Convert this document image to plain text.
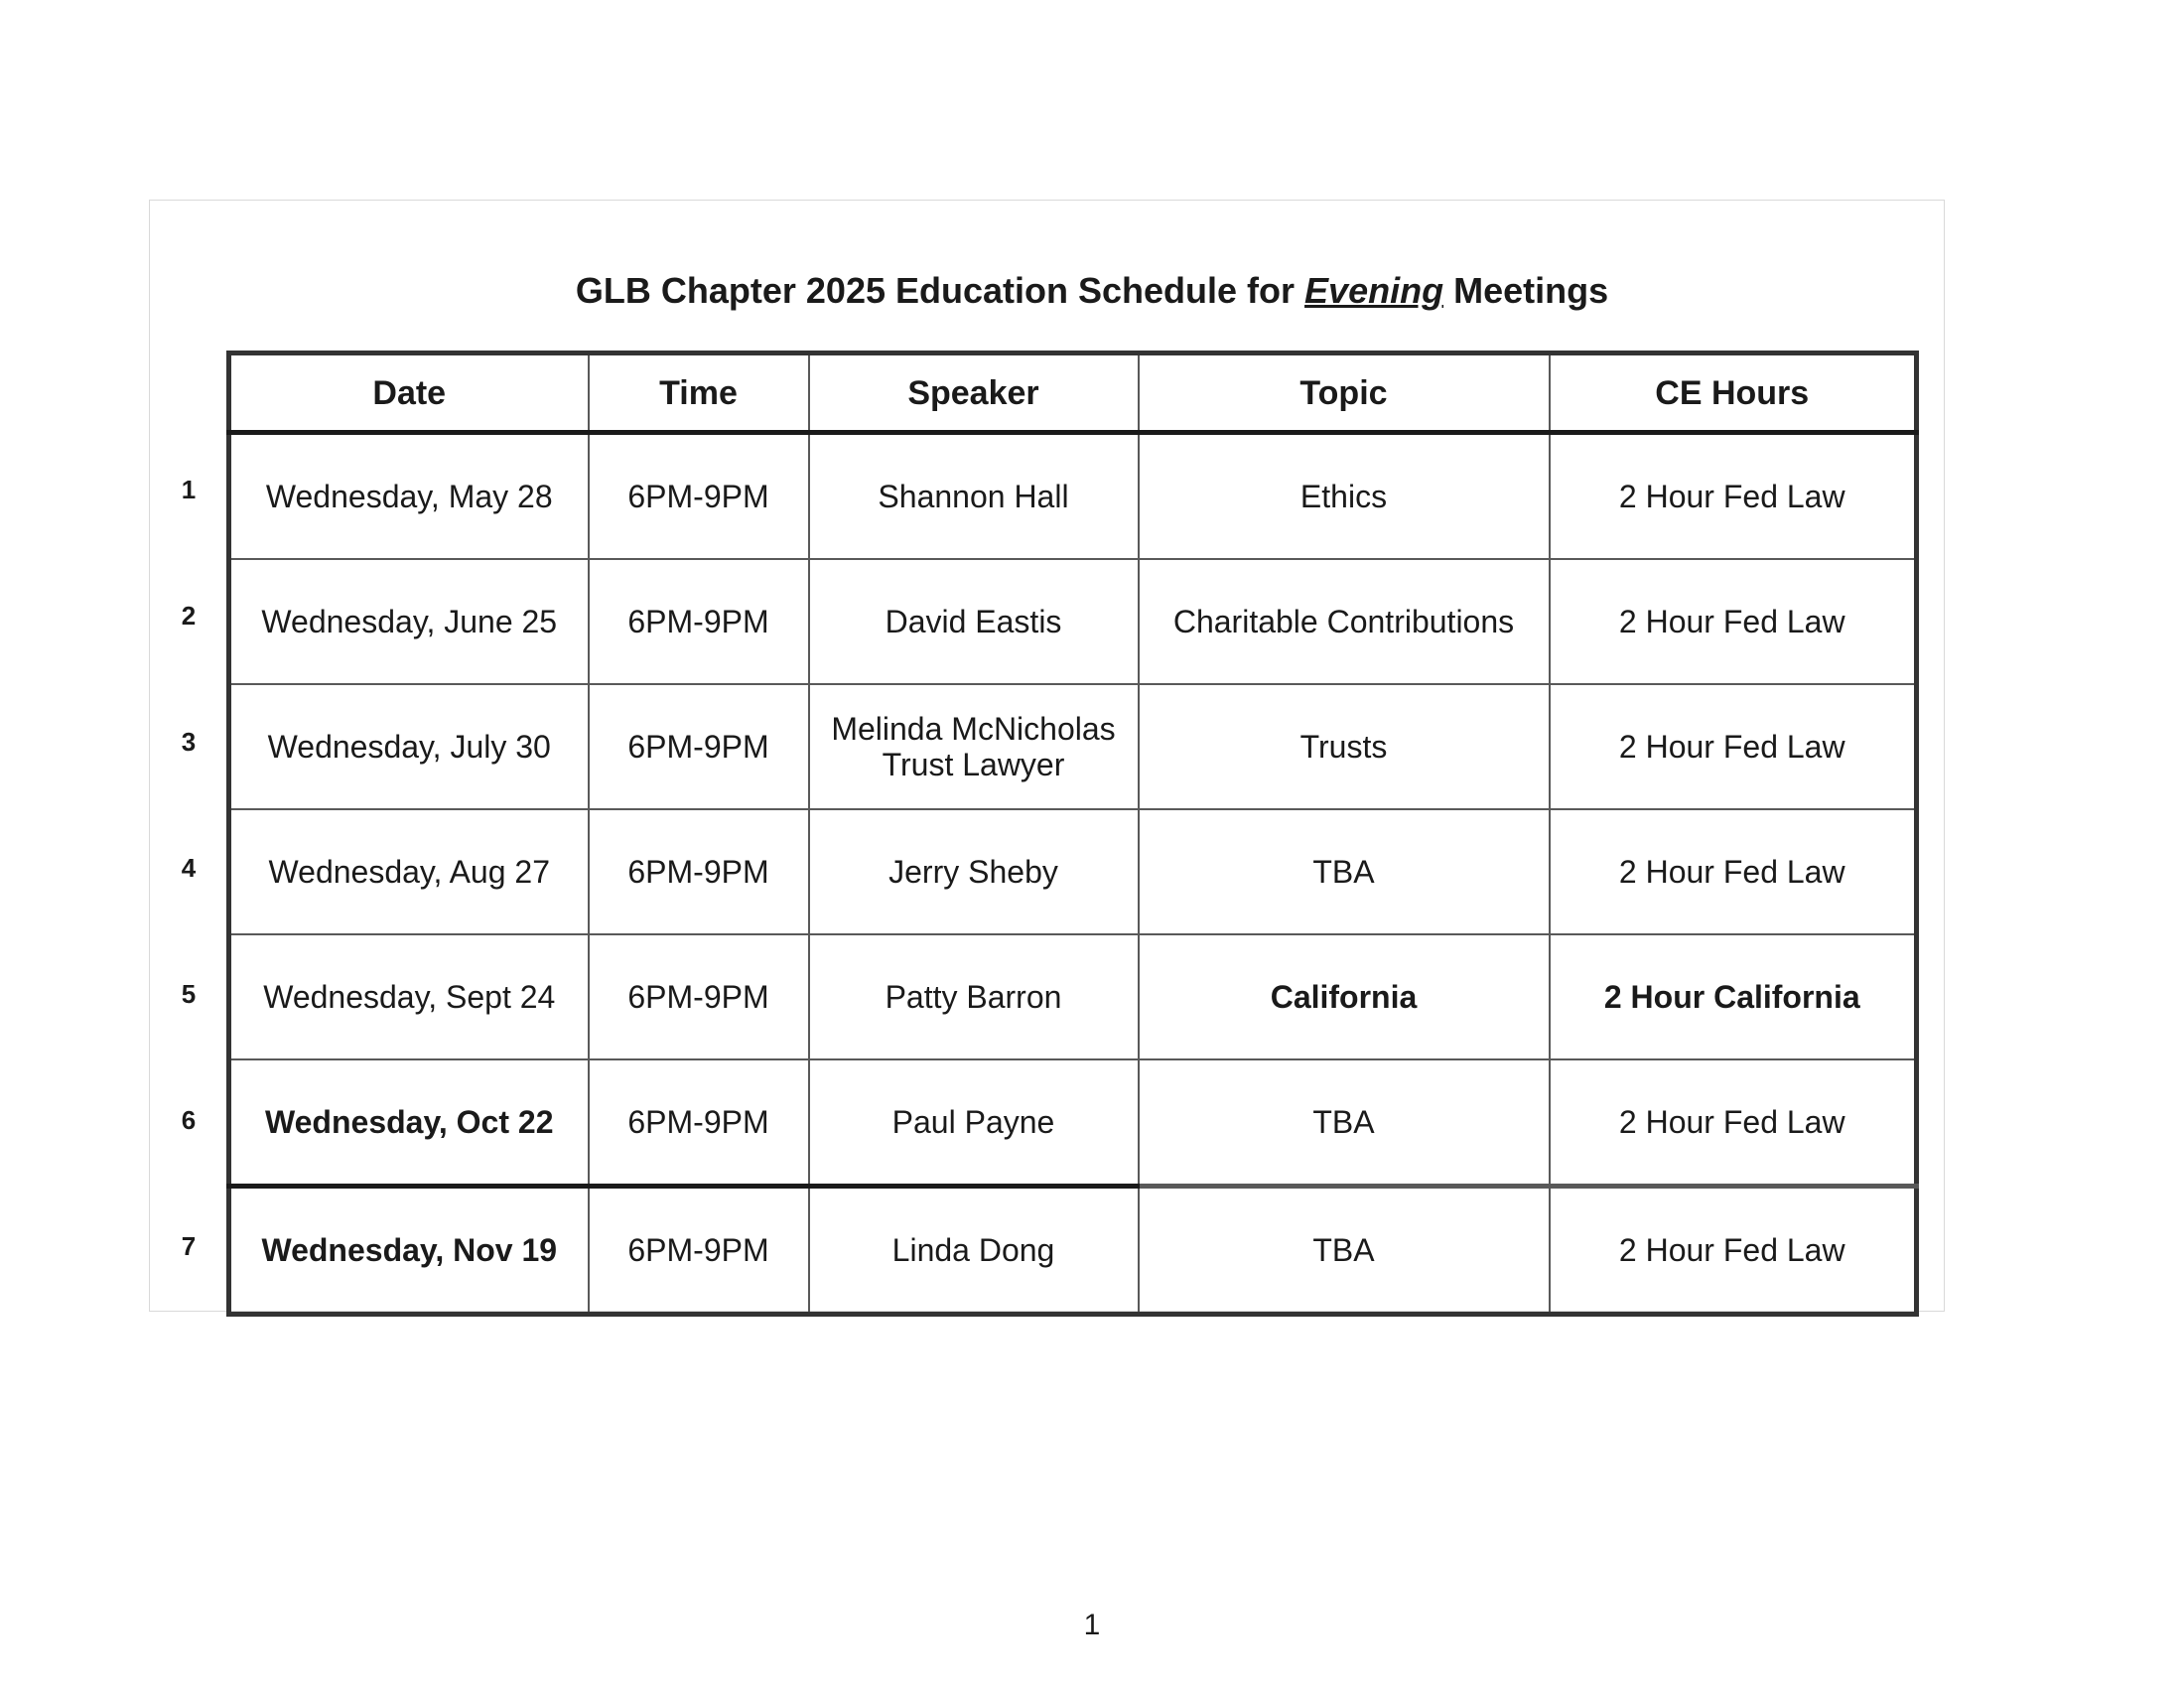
GLB Chapter 2025 Education Schedule for Evening Meetings
1
2
3
4
5
6
7
Date	Time	Speaker	Topic	CE Hours
Wednesday, May 28	6PM-9PM	Shannon Hall	Ethics	2 Hour Fed Law
Wednesday, June 25	6PM-9PM	David Eastis	Charitable Contributions	2 Hour Fed Law
Wednesday, July 30	6PM-9PM	Melinda McNicholas
Trust Lawyer	Trusts	2 Hour Fed Law
Wednesday, Aug 27	6PM-9PM	Jerry Sheby	TBA	2 Hour Fed Law
Wednesday, Sept 24	6PM-9PM	Patty Barron	California	2 Hour California
Wednesday, Oct 22	6PM-9PM	Paul Payne	TBA	2 Hour Fed Law
Wednesday, Nov 19	6PM-9PM	Linda Dong	TBA	2 Hour Fed Law
1
